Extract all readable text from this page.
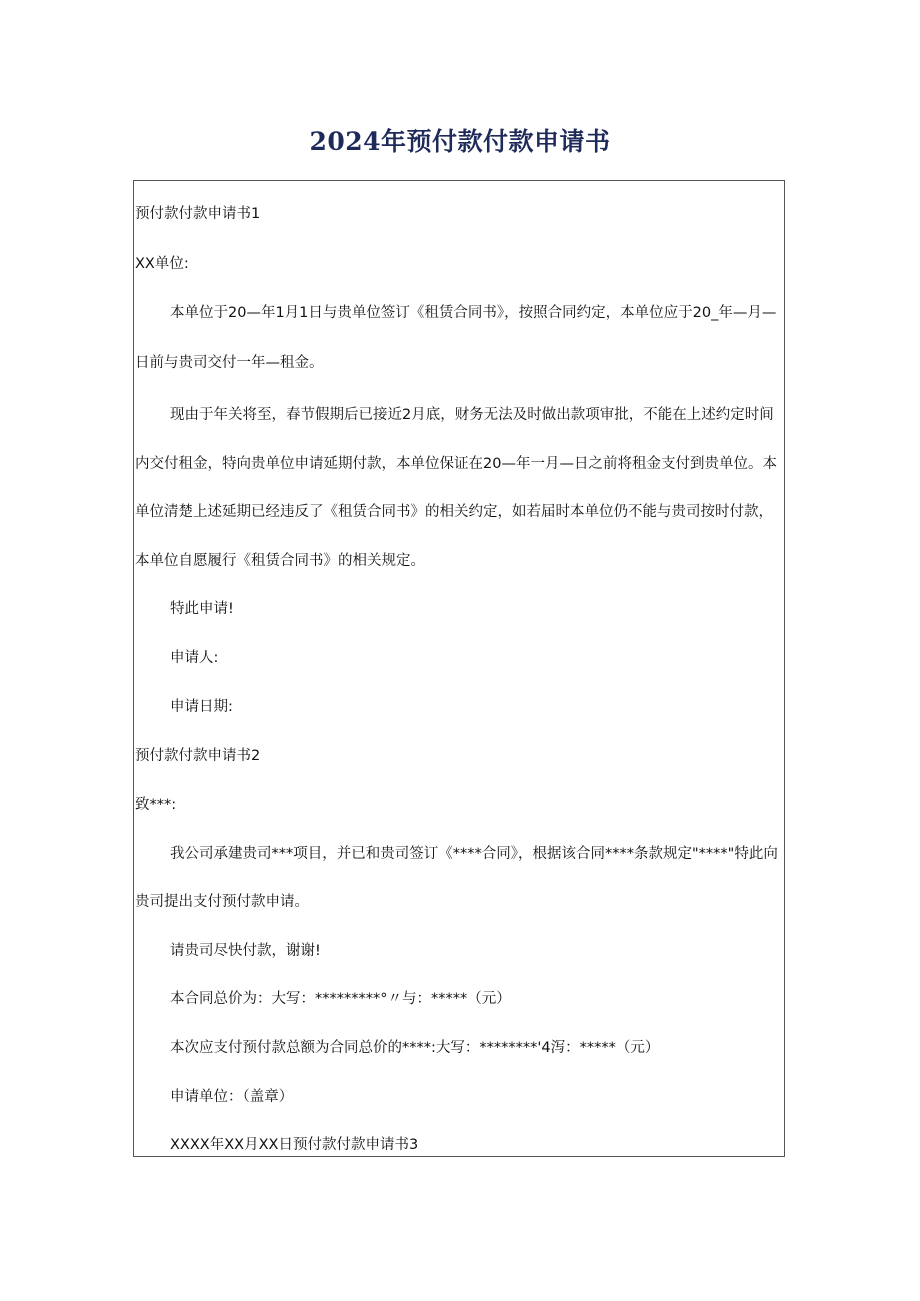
2024年预付款付款申请书

预付款付款申请书1

XX单位:

本单位于20—年1月1日与贵单位签订《租赁合同书》，按照合同约定，本单位应于20_年—月—

日前与贵司交付一年—租金。

现由于年关将至，春节假期后已接近2月底，财务无法及时做出款项审批，不能在上述约定时间

内交付租金，特向贵单位申请延期付款，本单位保证在20—年一月—日之前将租金支付到贵单位。本

单位清楚上述延期已经违反了《租赁合同书》的相关约定，如若届时本单位仍不能与贵司按时付款，

本单位自愿履行《租赁合同书》的相关规定。

特此申请!

申请人:

申请日期:

预付款付款申请书2

致***:

我公司承建贵司***项目，并已和贵司签订《****合同》，根据该合同****条款规定"****"特此向

贵司提出支付预付款申请。

请贵司尽快付款，谢谢!

本合同总价为：大写：*********°〃与：*****（元）

本次应支付预付款总额为合同总价的****:大写：********'4泻：*****（元）

申请单位：（盖章）

XXXX年XX月XX日预付款付款申请书3
